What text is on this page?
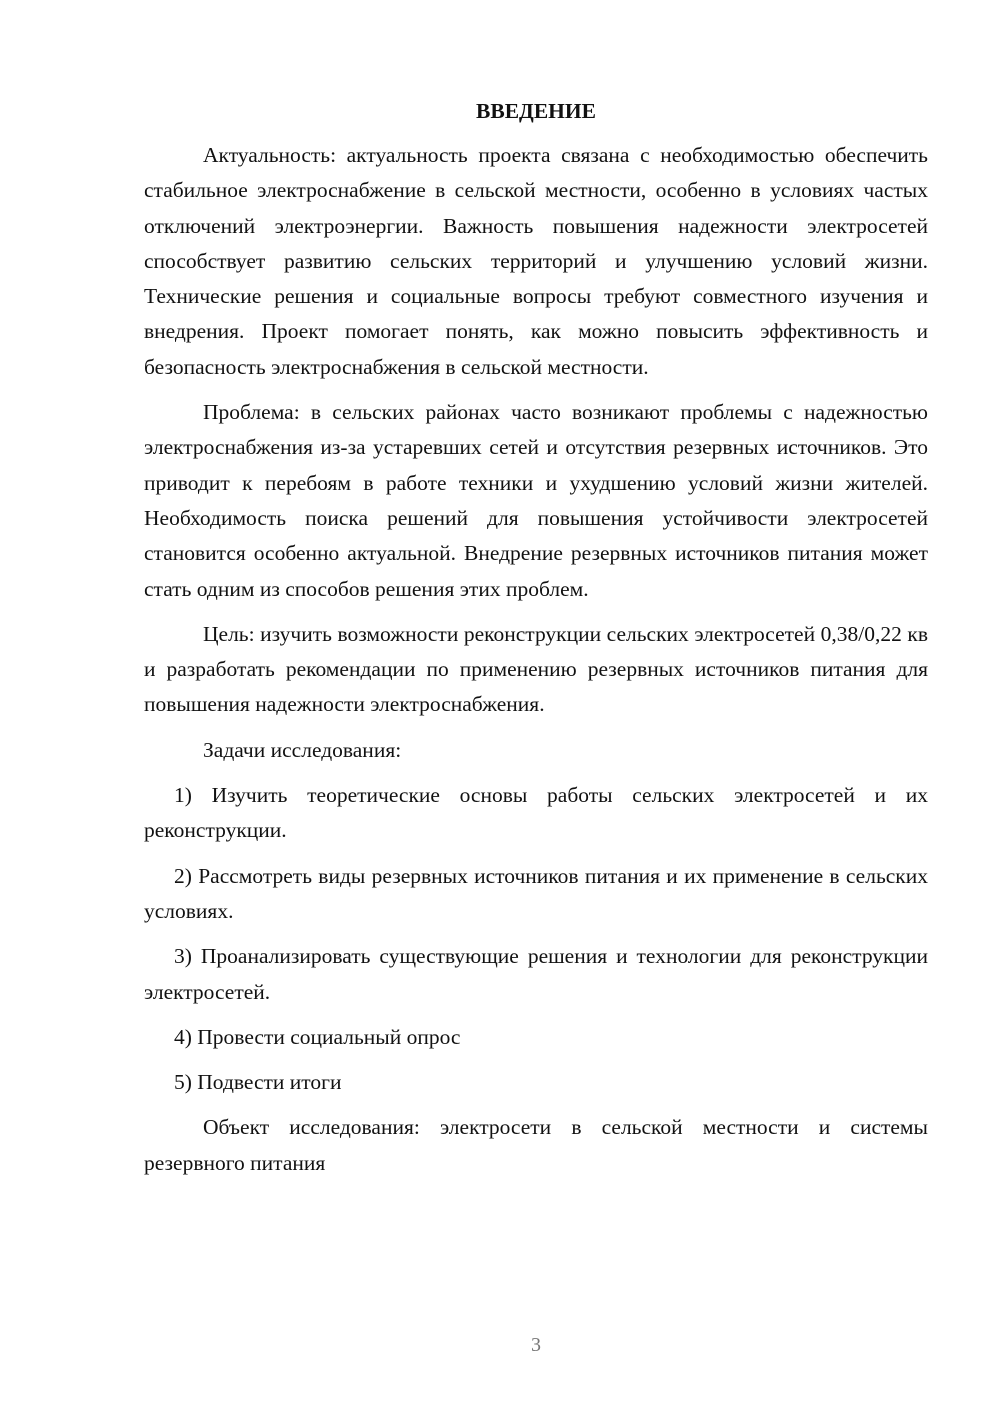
ВВЕДЕНИЕ

Актуальность: актуальность проекта связана с необходимостью обеспечить стабильное электроснабжение в сельской местности, особенно в условиях частых отключений электроэнергии. Важность повышения надежности электросетей способствует развитию сельских территорий и улучшению условий жизни. Технические решения и социальные вопросы требуют совместного изучения и внедрения. Проект помогает понять, как можно повысить эффективность и безопасность электроснабжения в сельской местности.

Проблема: в сельских районах часто возникают проблемы с надежностью электроснабжения из-за устаревших сетей и отсутствия резервных источников. Это приводит к перебоям в работе техники и ухудшению условий жизни жителей. Необходимость поиска решений для повышения устойчивости электросетей становится особенно актуальной. Внедрение резервных источников питания может стать одним из способов решения этих проблем.

Цель: изучить возможности реконструкции сельских электросетей 0,38/0,22 кв и разработать рекомендации по применению резервных источников питания для повышения надежности электроснабжения.

Задачи исследования:

1) Изучить теоретические основы работы сельских электросетей и их реконструкции.

2) Рассмотреть виды резервных источников питания и их применение в сельских условиях.

3) Проанализировать существующие решения и технологии для реконструкции электросетей.

4) Провести социальный опрос

5) Подвести итоги

Объект исследования: электросети в сельской местности и системы резервного питания

3
